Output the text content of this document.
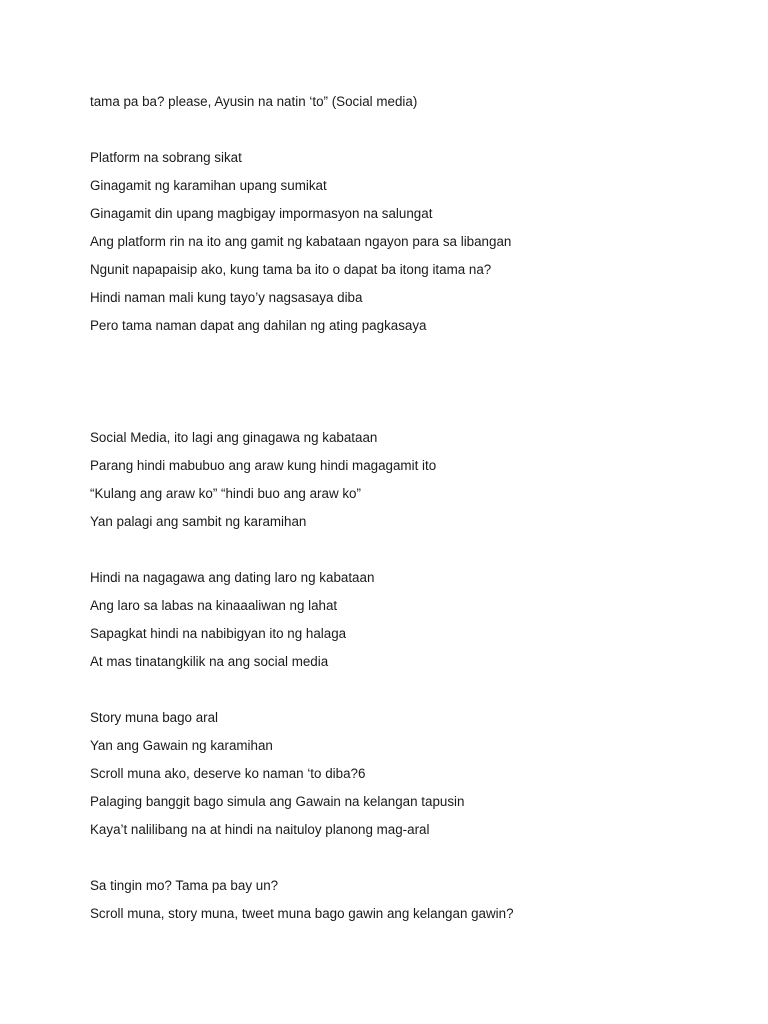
tama pa ba? please, Ayusin na natin ‘to” (Social media)
Platform na sobrang sikat
Ginagamit ng karamihan upang sumikat
Ginagamit din upang magbigay impormasyon na salungat
Ang platform rin na ito ang gamit ng kabataan ngayon para sa libangan
Ngunit napapaisip ako, kung tama ba ito o dapat ba itong itama na?
Hindi naman mali kung tayo’y nagsasaya diba
Pero tama naman dapat ang dahilan ng ating pagkasaya
Social Media, ito lagi ang ginagawa ng kabataan
Parang hindi mabubuo ang araw kung hindi magagamit ito
“Kulang ang araw ko” “hindi buo ang araw ko”
Yan palagi ang sambit ng karamihan
Hindi na nagagawa ang dating laro ng kabataan
Ang laro sa labas na kinaaaliwan ng lahat
Sapagkat hindi na nabibigyan ito ng halaga
At mas tinatangkilik na ang social media
Story muna bago aral
Yan ang Gawain ng karamihan
Scroll muna ako, deserve ko naman ‘to diba?6
Palaging banggit bago simula ang Gawain na kelangan tapusin
Kaya’t nalilibang na at hindi na naituloy planong mag-aral
Sa tingin mo? Tama pa bay un?
Scroll muna, story muna, tweet muna bago gawin ang kelangan gawin?
